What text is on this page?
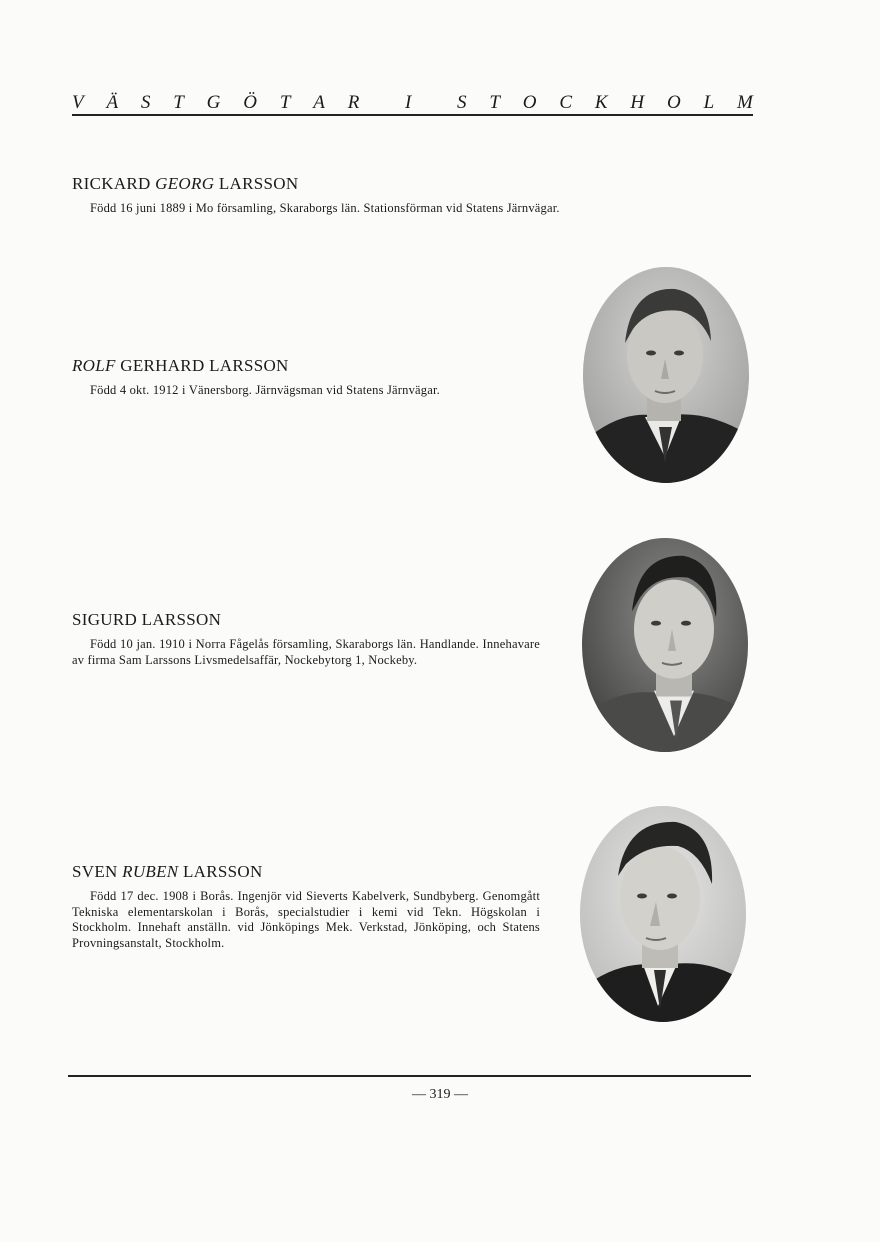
V Ä S T G Ö T A R I S T O C K H O L M
RICKARD GEORG LARSSON

Född 16 juni 1889 i Mo församling, Skaraborgs län. Stationsförman vid Statens Järnvägar.

ROLF GERHARD LARSSON

Född 4 okt. 1912 i Vänersborg. Järnvägsman vid Statens Järnvägar.

SIGURD LARSSON

Född 10 jan. 1910 i Norra Fågelås församling, Skaraborgs län. Handlande. Innehavare av firma Sam Larssons Livsmedelsaffär, Nockebytorg 1, Nockeby.

SVEN RUBEN LARSSON

Född 17 dec. 1908 i Borås. Ingenjör vid Sieverts Kabelverk, Sundbyberg. Genomgått Tekniska elementarskolan i Borås, specialstudier i kemi vid Tekn. Högskolan i Stockholm. Innehaft anställn. vid Jönköpings Mek. Verkstad, Jönköping, och Statens Provningsanstalt, Stockholm.

— 319 —
